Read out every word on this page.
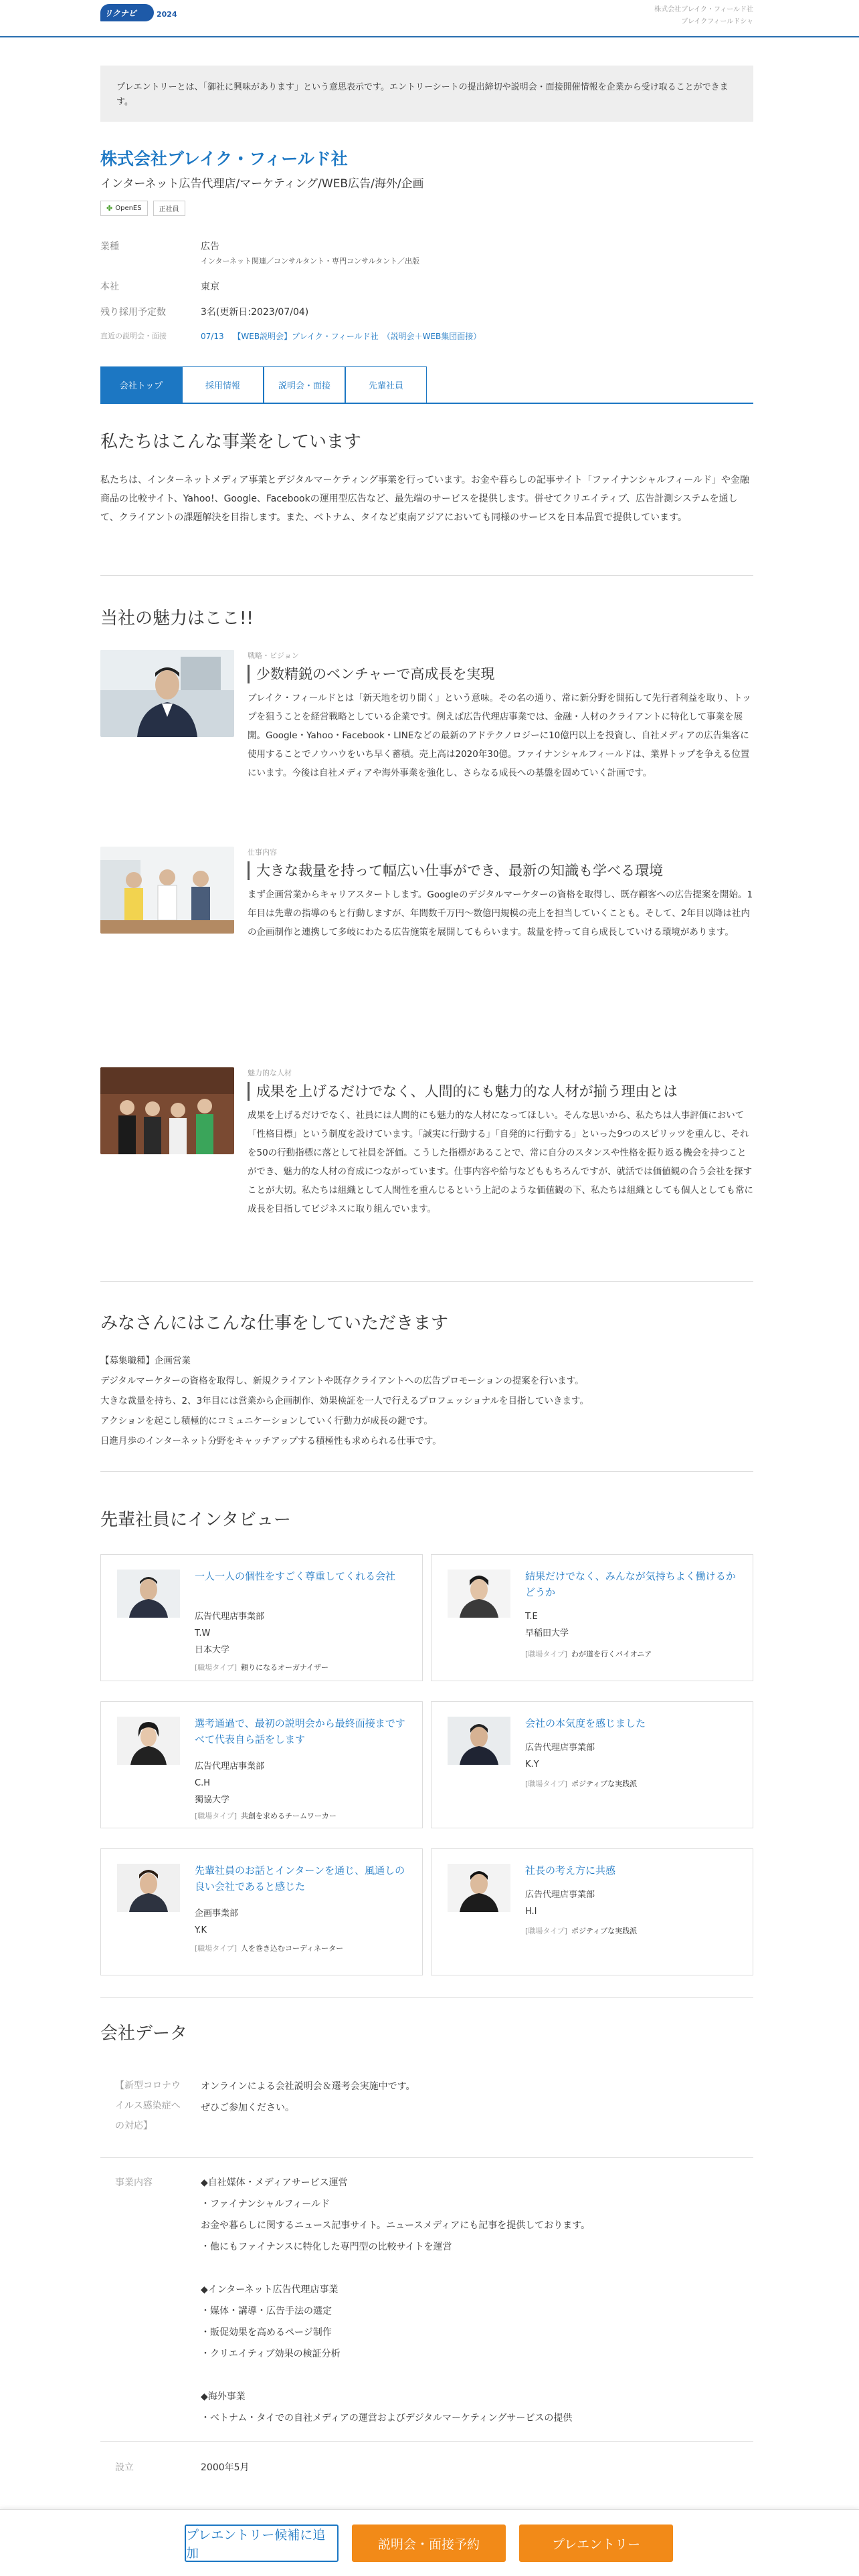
リクナビ	2024
株式会社ブレイク・フィールド社
ブレイクフィールドシャ
プレエントリーとは、「御社に興味があります」という意思表示です。エントリーシートの提出締切や説明会・面接開催情報を企業から受け取ることができます。
株式会社ブレイク・フィールド社
インターネット広告代理店/マーケティング/WEB広告/海外/企画
✤ OpenES	正社員
業種	広告
インターネット関連／コンサルタント・専門コンサルタント／出版
本社	東京
残り採用予定数	3名(更新日:2023/07/04)
直近の説明会・面接	07/13 【WEB説明会】ブレイク・フィールド社　（説明会＋WEB集団面接）
会社トップ	採用情報	説明会・面接	先輩社員
私たちはこんな事業をしています
私たちは、インターネットメディア事業とデジタルマーケティング事業を行っています。お金や暮らしの記事サイト「ファイナンシャルフィールド」や金融商品の比較サイト、Yahoo!、Google、Facebookの運用型広告など、最先端のサービスを提供します。併せてクリエイティブ、広告計測システムを通して、クライアントの課題解決を目指します。また、ベトナム、タイなど東南アジアにおいても同様のサービスを日本品質で提供しています。
当社の魅力はここ!!
戦略・ビジョン
少数精鋭のベンチャーで高成長を実現
ブレイク・フィールドとは「新天地を切り開く」という意味。その名の通り、常に新分野を開拓して先行者利益を取り、トップを狙うことを経営戦略としている企業です。例えば広告代理店事業では、金融・人材のクライアントに特化して事業を展開。Google・Yahoo・Facebook・LINEなどの最新のアドテクノロジーに10億円以上を投資し、自社メディアの広告集客に使用することでノウハウをいち早く蓄積。売上高は2020年30億。ファイナンシャルフィールドは、業界トップを争える位置にいます。今後は自社メディアや海外事業を強化し、さらなる成長への基盤を固めていく計画です。
仕事内容
大きな裁量を持って幅広い仕事ができ、最新の知識も学べる環境
まず企画営業からキャリアスタートします。Googleのデジタルマーケターの資格を取得し、既存顧客への広告提案を開始。1年目は先輩の指導のもと行動しますが、年間数千万円〜数億円規模の売上を担当していくことも。そして、2年目以降は社内の企画制作と連携して多岐にわたる広告施策を展開してもらいます。裁量を持って自ら成長していける環境があります。
魅力的な人材
成果を上げるだけでなく、人間的にも魅力的な人材が揃う理由とは
成果を上げるだけでなく、社員には人間的にも魅力的な人材になってほしい。そんな思いから、私たちは人事評価において「性格目標」という制度を設けています。「誠実に行動する」「自発的に行動する」といった9つのスピリッツを重んじ、それを50の行動指標に落として社員を評価。こうした指標があることで、常に自分のスタンスや性格を振り返る機会を持つことができ、魅力的な人材の育成につながっています。仕事内容や給与などももちろんですが、就活では価値観の合う会社を探すことが大切。私たちは組織として人間性を重んじるという上記のような価値観の下、私たちは組織としても個人としても常に成長を目指してビジネスに取り組んでいます。
みなさんにはこんな仕事をしていただきます
【募集職種】企画営業
デジタルマーケターの資格を取得し、新規クライアントや既存クライアントへの広告プロモーションの提案を行います。
大きな裁量を持ち、2、3年目には営業から企画制作、効果検証を一人で行えるプロフェッショナルを目指していきます。
アクションを起こし積極的にコミュニケーションしていく行動力が成長の鍵です。
日進月歩のインターネット分野をキャッチアップする積極性も求められる仕事です。
先輩社員にインタビュー
一人一人の個性をすごく尊重してくれる会社
広告代理店事業部
T.W
日本大学
[職場タイプ] 頼りになるオーガナイザー
結果だけでなく、みんなが気持ちよく働けるかどうか
T.E
早稲田大学
[職場タイプ] わが道を行くパイオニア
選考通過で、最初の説明会から最終面接まですべて代表自ら話をします
広告代理店事業部
C.H
獨協大学
[職場タイプ] 共創を求めるチームワーカー
会社の本気度を感じました
広告代理店事業部
K.Y
[職場タイプ] ポジティブな実践派
先輩社員のお話とインターンを通じ、風通しの良い会社であると感じた
企画事業部
Y.K
[職場タイプ] 人を巻き込むコーディネーター
社長の考え方に共感
広告代理店事業部
H.I
[職場タイプ] ポジティブな実践派
会社データ
【新型コロナウイルス感染症への対応】
オンラインによる会社説明会＆選考会実施中です。
ぜひご参加ください。
事業内容	◆自社媒体・メディアサービス運営
・ファイナンシャルフィールド
お金や暮らしに関するニュース記事サイト。ニュースメディアにも記事を提供しております。
・他にもファイナンスに特化した専門型の比較サイトを運営
◆インターネット広告代理店事業
・媒体・講導・広告手法の選定
・販促効果を高めるページ制作
・クリエイティブ効果の検証分析
◆海外事業
・ベトナム・タイでの自社メディアの運営およびデジタルマーケティングサービスの提供
設立	2000年5月
プレエントリー候補に追加
説明会・面接予約	プレエントリー
